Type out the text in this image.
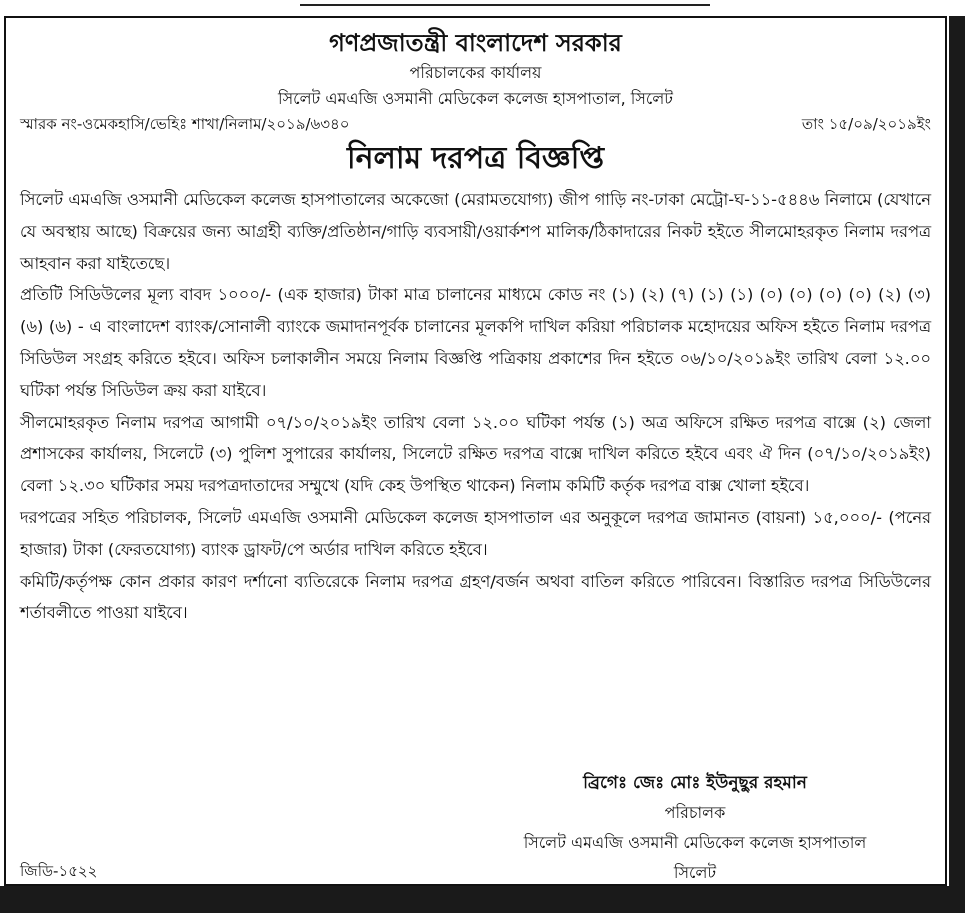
গণপ্রজাতন্ত্রী বাংলাদেশ সরকার

পরিচালকের কার্যালয়

সিলেট এমএজি ওসমানী মেডিকেল কলেজ হাসপাতাল, সিলেট

স্মারক নং-ওমেকহাসি/ভেহিঃ শাখা/নিলাম/২০১৯/৬৩৪০	তাং ১৫/০৯/২০১৯ইং

নিলাম দরপত্র বিজ্ঞপ্তি

সিলেট এমএজি ওসমানী মেডিকেল কলেজ হাসপাতালের অকেজো (মেরামতযোগ্য) জীপ গাড়ি নং-ঢাকা মেট্রো-ঘ-১১-৫৪৪৬ নিলামে (যেখানে যে অবস্থায় আছে) বিক্রয়ের জন্য আগ্রহী ব্যক্তি/প্রতিষ্ঠান/গাড়ি ব্যবসায়ী/ওয়ার্কশপ মালিক/ঠিকাদারের নিকট হইতে সীলমোহরকৃত নিলাম দরপত্র আহবান করা যাইতেছে।

প্রতিটি সিডিউলের মূল্য বাবদ ১০০০/- (এক হাজার) টাকা মাত্র চালানের মাধ্যমে কোড নং (১) (২) (৭) (১) (১) (০) (০) (০) (০) (২) (৩) (৬) (৬) - এ বাংলাদেশ ব্যাংক/সোনালী ব্যাংকে জমাদানপূর্বক চালানের মূলকপি দাখিল করিয়া পরিচালক মহোদয়ের অফিস হইতে নিলাম দরপত্র সিডিউল সংগ্রহ করিতে হইবে। অফিস চলাকালীন সময়ে নিলাম বিজ্ঞপ্তি পত্রিকায় প্রকাশের দিন হইতে ০৬/১০/২০১৯ইং তারিখ বেলা ১২.০০ ঘটিকা পর্যন্ত সিডিউল ক্রয় করা যাইবে।

সীলমোহরকৃত নিলাম দরপত্র আগামী ০৭/১০/২০১৯ইং তারিখ বেলা ১২.০০ ঘটিকা পর্যন্ত (১) অত্র অফিসে রক্ষিত দরপত্র বাক্সে (২) জেলা প্রশাসকের কার্যালয়, সিলেটে (৩) পুলিশ সুপারের কার্যালয়, সিলেটে রক্ষিত দরপত্র বাক্সে দাখিল করিতে হইবে এবং ঐ দিন (০৭/১০/২০১৯ইং) বেলা ১২.৩০ ঘটিকার সময় দরপত্রদাতাদের সম্মুখে (যদি কেহ উপস্থিত থাকেন) নিলাম কমিটি কর্তৃক দরপত্র বাক্স খোলা হইবে।

দরপত্রের সহিত পরিচালক, সিলেট এমএজি ওসমানী মেডিকেল কলেজ হাসপাতাল এর অনুকূলে দরপত্র জামানত (বায়না) ১৫,০০০/- (পনের হাজার) টাকা (ফেরতযোগ্য) ব্যাংক ড্রাফট/পে অর্ডার দাখিল করিতে হইবে।

কমিটি/কর্তৃপক্ষ কোন প্রকার কারণ দর্শানো ব্যতিরেকে নিলাম দরপত্র গ্রহণ/বর্জন অথবা বাতিল করিতে পারিবেন। বিস্তারিত দরপত্র সিডিউলের শর্তাবলীতে পাওয়া যাইবে।

ব্রিগেঃ জেঃ মোঃ ইউনুছুর রহমান
পরিচালক
সিলেট এমএজি ওসমানী মেডিকেল কলেজ হাসপাতাল
সিলেট
জিডি-১৫২২
